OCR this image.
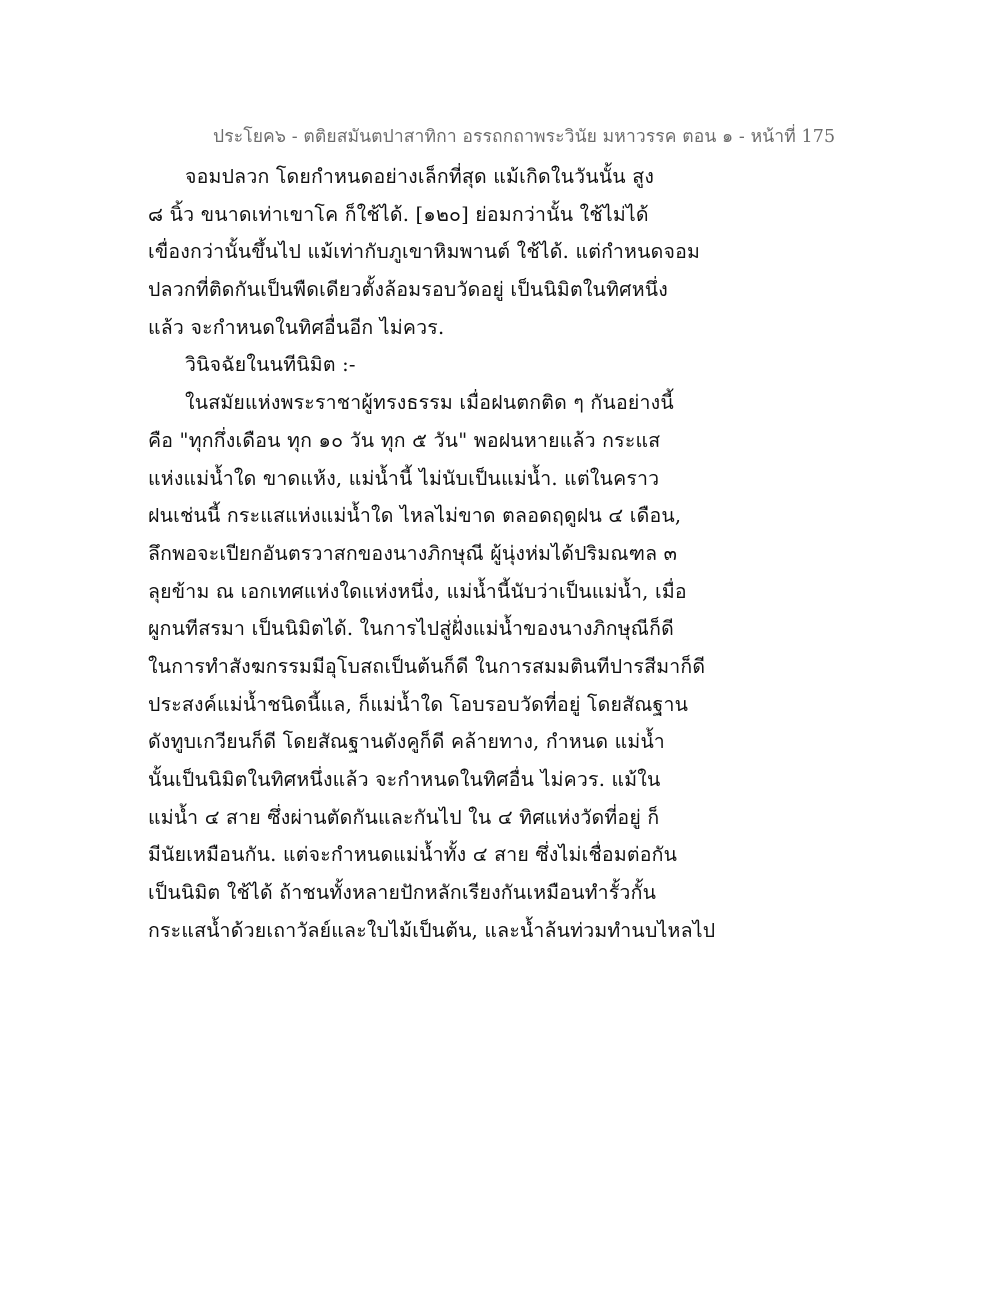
ประโยค๖ - ตติยสมันตปาสาทิกา อรรถกถาพระวินัย มหาวรรค ตอน ๑ - หน้าที่ 175
จอมปลวก โดยกำหนดอย่างเล็กที่สุด แม้เกิดในวันนั้น สูง
๘ นิ้ว ขนาดเท่าเขาโค ก็ใช้ได้. [๑๒๐] ย่อมกว่านั้น ใช้ไม่ได้
เขื่องกว่านั้นขึ้นไป แม้เท่ากับภูเขาหิมพานต์ ใช้ได้. แต่กำหนดจอม
ปลวกที่ติดกันเป็นพืดเดียวตั้งล้อมรอบวัดอยู่ เป็นนิมิตในทิศหนึ่ง
แล้ว จะกำหนดในทิศอื่นอีก ไม่ควร.
วินิจฉัยในนทีนิมิต :-
ในสมัยแห่งพระราชาผู้ทรงธรรม เมื่อฝนตกติด ๆ กันอย่างนี้
คือ "ทุกกึ่งเดือน ทุก ๑๐ วัน ทุก ๕ วัน" พอฝนหายแล้ว กระแส
แห่งแม่น้ำใด ขาดแห้ง, แม่น้ำนี้ ไม่นับเป็นแม่น้ำ. แต่ในคราว
ฝนเช่นนี้ กระแสแห่งแม่น้ำใด ไหลไม่ขาด ตลอดฤดูฝน ๔ เดือน,
ลึกพอจะเปียกอันตรวาสกของนางภิกษุณี ผู้นุ่งห่มได้ปริมณฑล ๓
ลุยข้าม ณ เอกเทศแห่งใดแห่งหนึ่ง, แม่น้ำนี้นับว่าเป็นแม่น้ำ, เมื่อ
ผูกนทีสรมา เป็นนิมิตได้. ในการไปสู่ฝั่งแม่น้ำของนางภิกษุณีก็ดี
ในการทำสังฆกรรมมีอุโบสถเป็นต้นก็ดี ในการสมมตินทีปารสีมาก็ดี
ประสงค์แม่น้ำชนิดนี้แล, ก็แม่น้ำใด โอบรอบวัดที่อยู่ โดยสัณฐาน
ดังทูบเกวียนก็ดี โดยสัณฐานดังคูก็ดี คล้ายทาง, กำหนด แม่น้ำ
นั้นเป็นนิมิตในทิศหนึ่งแล้ว จะกำหนดในทิศอื่น ไม่ควร. แม้ใน
แม่น้ำ ๔ สาย ซึ่งผ่านตัดกันและกันไป ใน ๔ ทิศแห่งวัดที่อยู่ ก็
มีนัยเหมือนกัน. แต่จะกำหนดแม่น้ำทั้ง ๔ สาย ซึ่งไม่เชื่อมต่อกัน
เป็นนิมิต ใช้ได้ ถ้าชนทั้งหลายปักหลักเรียงกันเหมือนทำรั้วกั้น
กระแสน้ำด้วยเถาวัลย์และใบไม้เป็นต้น, และน้ำล้นท่วมทำนบไหลไป
